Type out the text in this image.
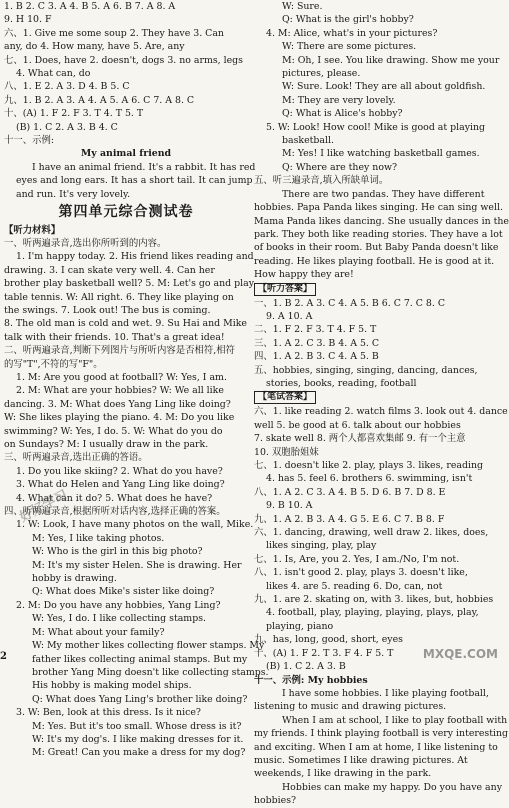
1. B 2. C 3. A 4. B 5. A 6. B 7. A 8. A
9. H 10. F
六、1. Give me some soup 2. They have 3. Can
any, do 4. How many, have 5. Are, any
七、1. Does, have 2. doesn't, dogs 3. no arms, legs
4. What can, do
八、1. E 2. A 3. D 4. B 5. C
九、1. B 2. A 3. A 4. A 5. A 6. C 7. A 8. C
十、(A) 1. F 2. F 3. T 4. T 5. T
(B) 1. C 2. A 3. B 4. C
十一、示例:
My animal friend
I have an animal friend. It's a rabbit. It has red
eyes and long ears. It has a short tail. It can jump
and run. It's very lovely.
第四单元综合测试卷
【听力材料】
一、听两遍录音,选出你所听到的内容。
1. I'm happy today. 2. His friend likes reading and
drawing. 3. I can skate very well. 4. Can her
brother play basketball well? 5. M: Let's go and play
table tennis. W: All right. 6. They like playing on
the swings. 7. Look out! The bus is coming.
8. The old man is cold and wet. 9. Su Hai and Mike
talk with their friends. 10. That's a great idea!
二、听两遍录音,判断下列图片与所听内容是否相符,相符
的写"T",不符的写"F"。
1. M: Are you good at football? W: Yes, I am.
2. M: What are your hobbies? W: We all like
dancing. 3. M: What does Yang Ling like doing?
W: She likes playing the piano. 4. M: Do you like
swimming? W: Yes, I do. 5. W: What do you do
on Sundays? M: I usually draw in the park.
三、听两遍录音,选出正确的答语。
1. Do you like skiing? 2. What do you have?
3. What do Helen and Yang Ling like doing?
4. What can it do? 5. What does he have?
四、听两遍录音,根据所听对话内容,选择正确的答案。
1. W: Look, I have many photos on the wall, Mike.
M: Yes, I like taking photos.
W: Who is the girl in this big photo?
M: It's my sister Helen. She is drawing. Her
hobby is drawing.
Q: What does Mike's sister like doing?
2. M: Do you have any hobbies, Yang Ling?
W: Yes, I do. I like collecting stamps.
M: What about your family?
W: My mother likes collecting flower stamps. My
father likes collecting animal stamps. But my
brother Yang Ming doesn't like collecting stamps.
His hobby is making model ships.
Q: What does Yang Ling's brother like doing?
3. W: Ben, look at this dress. Is it nice?
M: Yes. But it's too small. Whose dress is it?
W: It's my dog's. I like making dresses for it.
M: Great! Can you make a dress for my dog?
W: Sure.
Q: What is the girl's hobby?
4. M: Alice, what's in your pictures?
W: There are some pictures.
M: Oh, I see. You like drawing. Show me your
pictures, please.
W: Sure. Look! They are all about goldfish.
M: They are very lovely.
Q: What is Alice's hobby?
5. W: Look! How cool! Mike is good at playing
basketball.
M: Yes! I like watching basketball games.
Q: Where are they now?
五、听三遍录音,填入所缺单词。
There are two pandas. They have different
hobbies. Papa Panda likes singing. He can sing well.
Mama Panda likes dancing. She usually dances in the
park. They both like reading stories. They have a lot
of books in their room. But Baby Panda doesn't like
reading. He likes playing football. He is good at it.
How happy they are!
【听力答案】
一、1. B 2. A 3. C 4. A 5. B 6. C 7. C 8. C
9. A 10. A
二、1. F 2. F 3. T 4. F 5. T
三、1. A 2. C 3. B 4. A 5. C
四、1. A 2. B 3. C 4. A 5. B
五、hobbies, singing, singing, dancing, dances,
stories, books, reading, football
【笔试答案】
六、1. like reading 2. watch films 3. look out 4. dance
well 5. be good at 6. talk about our hobbies
7. skate well 8. 两个人都喜欢集邮 9. 有一个主意
10. 双胞胎姐妹
七、1. doesn't like 2. play, plays 3. likes, reading
4. has 5. feel 6. brothers 6. swimming, isn't
八、1. A 2. C 3. A 4. B 5. D 6. B 7. D 8. E
9. B 10. A
九、1. A 2. B 3. A 4. G 5. E 6. C 7. B 8. F
六、1. dancing, drawing, well draw 2. likes, does,
likes singing, play, play
七、1. Is, Are, you 2. Yes, I am./No, I'm not.
八、1. isn't good 2. play, plays 3. doesn't like,
likes 4. are 5. reading 6. Do, can, not
九、1. are 2. skating on, with 3. likes, but, hobbies
4. football, play, playing, playing, plays, play,
playing, piano
九、has, long, good, short, eyes
十、(A) 1. F 2. T 3. F 4. F 5. T
(B) 1. C 2. A 3. B
十一、示例: My hobbies
I have some hobbies. I like playing football,
listening to music and drawing pictures.
When I am at school, I like to play football with
my friends. I think playing football is very interesting
and exciting. When I am at home, I like listening to
music. Sometimes I like drawing pictures. At
weekends, I like drawing in the park.
Hobbies can make my happy. Do you have any
hobbies?
好好学习
2	MXQE.COM
